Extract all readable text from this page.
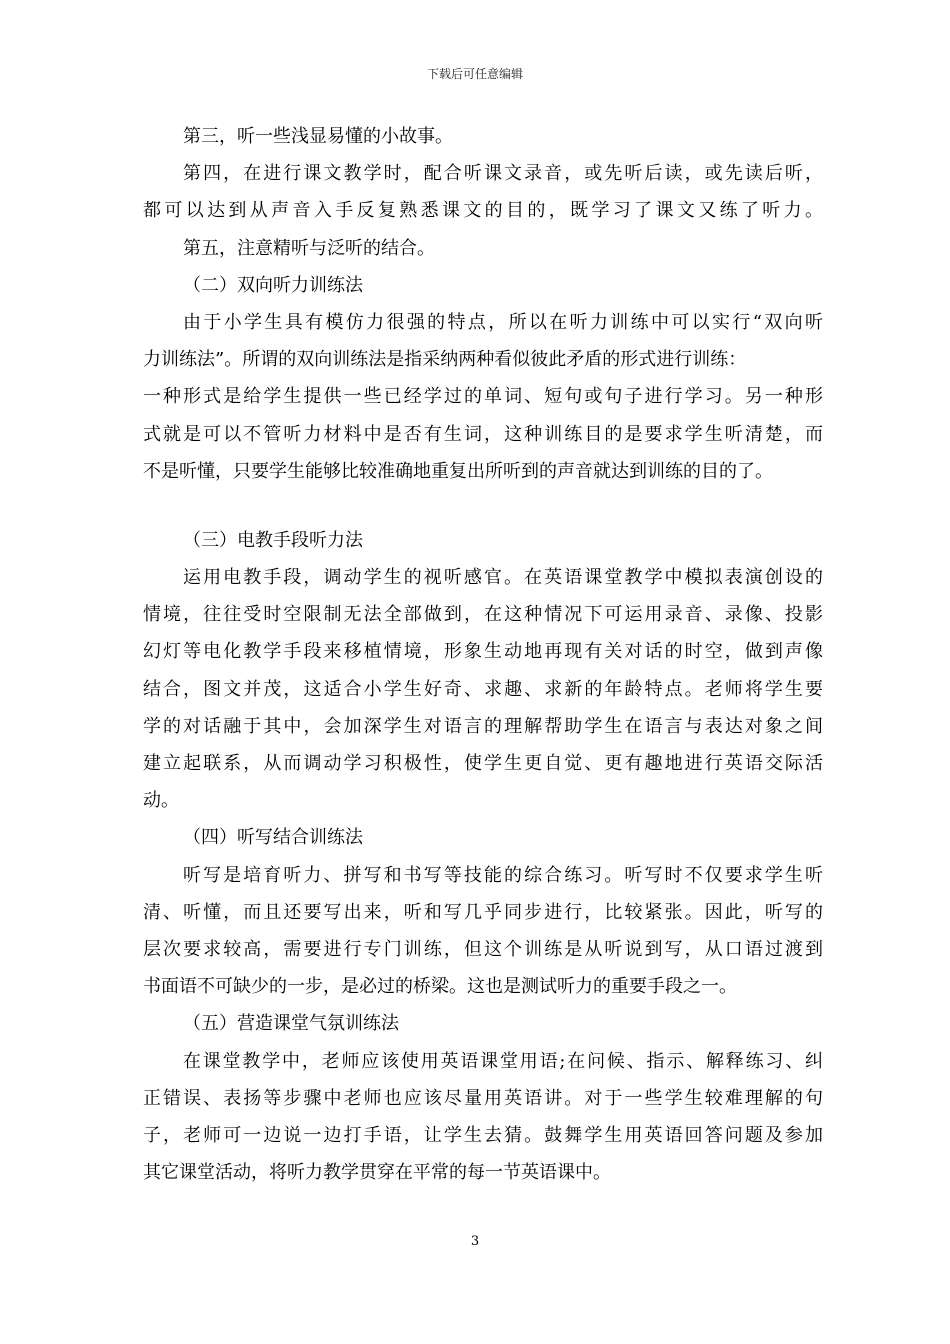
下载后可任意编辑
第三，听一些浅显易懂的小故事。
第四，在进行课文教学时，配合听课文录音，或先听后读，或先读后听，
都可以达到从声音入手反复熟悉课文的目的，既学习了课文又练了听力。
第五，注意精听与泛听的结合。
（二）双向听力训练法
由于小学生具有模仿力很强的特点，所以在听力训练中可以实行“双向听
力训练法”。所谓的双向训练法是指采纳两种看似彼此矛盾的形式进行训练：
一种形式是给学生提供一些已经学过的单词、短句或句子进行学习。另一种形
式就是可以不管听力材料中是否有生词，这种训练目的是要求学生听清楚，而
不是听懂，只要学生能够比较准确地重复出所听到的声音就达到训练的目的了。
（三）电教手段听力法
运用电教手段，调动学生的视听感官。在英语课堂教学中模拟表演创设的
情境，往往受时空限制无法全部做到，在这种情况下可运用录音、录像、投影
幻灯等电化教学手段来移植情境，形象生动地再现有关对话的时空，做到声像
结合，图文并茂，这适合小学生好奇、求趣、求新的年龄特点。老师将学生要
学的对话融于其中，会加深学生对语言的理解帮助学生在语言与表达对象之间
建立起联系，从而调动学习积极性，使学生更自觉、更有趣地进行英语交际活
动。
（四）听写结合训练法
听写是培育听力、拼写和书写等技能的综合练习。听写时不仅要求学生听
清、听懂，而且还要写出来，听和写几乎同步进行，比较紧张。因此，听写的
层次要求较高，需要进行专门训练，但这个训练是从听说到写，从口语过渡到
书面语不可缺少的一步，是必过的桥梁。这也是测试听力的重要手段之一。
（五）营造课堂气氛训练法
在课堂教学中，老师应该使用英语课堂用语;在问候、指示、解释练习、纠
正错误、表扬等步骤中老师也应该尽量用英语讲。对于一些学生较难理解的句
子，老师可一边说一边打手语，让学生去猜。鼓舞学生用英语回答问题及参加
其它课堂活动，将听力教学贯穿在平常的每一节英语课中。
3
